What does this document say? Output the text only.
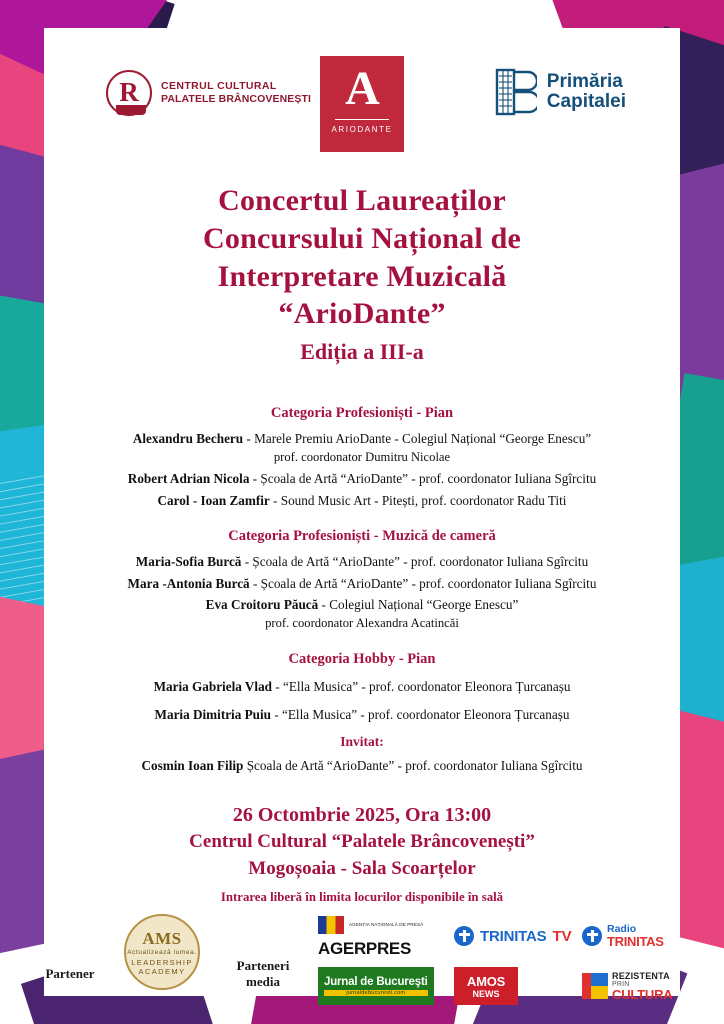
R
CENTRUL CULTURAL
PALATELE BRÂNCOVENEȘTI A
ARIODANTE
Primăria
Capitalei
Concertul Laureaților
Concursului Național de
Interpretare Muzicală
“ArioDante”
Ediția a III-a
Categoria Profesioniști - Pian
Alexandru Becheru - Marele Premiu ArioDante - Colegiul Național “George Enescu”
prof. coordonator Dumitru Nicolae
Robert Adrian Nicola - Școala de Artă “ArioDante” - prof. coordonator Iuliana Sgîrcitu
Carol - Ioan Zamfir - Sound Music Art - Pitești, prof. coordonator Radu Titi
Categoria Profesioniști - Muzică de cameră
Maria-Sofia Burcă - Școala de Artă “ArioDante” - prof. coordonator Iuliana Sgîrcitu
Mara -Antonia Burcă - Școala de Artă “ArioDante” - prof. coordonator Iuliana Sgîrcitu
Eva Croitoru Păucă - Colegiul Național “George Enescu”
prof. coordonator Alexandra Acatincăi
Categoria Hobby - Pian
Maria Gabriela Vlad - “Ella Musica” - prof. coordonator Eleonora Țurcanașu
Maria Dimitria Puiu - “Ella Musica” - prof. coordonator Eleonora Țurcanașu
Invitat:
Cosmin Ioan Filip Școala de Artă “ArioDante” - prof. coordonator Iuliana Sgîrcitu
26 Octombrie 2025, Ora 13:00
Centrul Cultural “Palatele Brâncovenești”
Mogoșoaia - Sala Scoarțelor
Intrarea liberă în limita locurilor disponibile în sală
Partener
AMS
Actualizează lumea.
LEADERSHIP ACADEMY	Parteneri
media
AGENȚIA NAȚIONALĂ DE PRESĂ
AGERPRES
TRINITAS TV	Radio
TRINITAS
Jurnal de Bucureşti
jurnaldebucuresti.com
AMOS
NEWS
REZISTENTA
PRIN
CULTURA
